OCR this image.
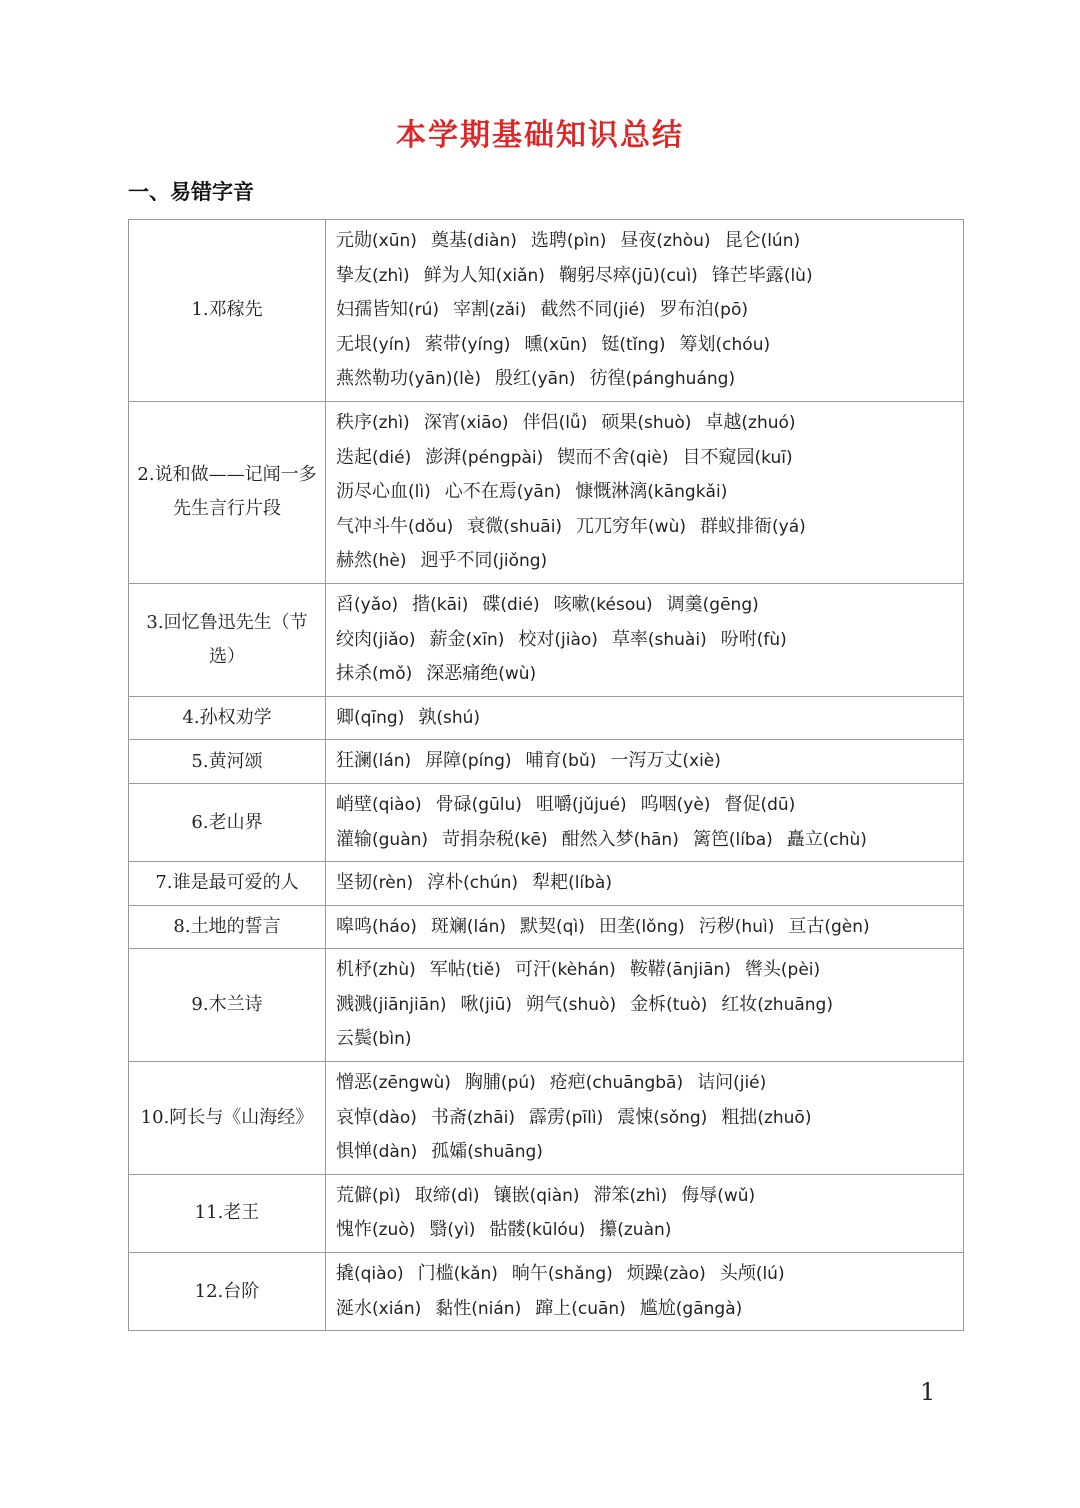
本学期基础知识总结
一、易错字音
1.邓稼先	元勋(xūn) 奠基(diàn) 选聘(pìn) 昼夜(zhòu) 昆仑(lún)
挚友(zhì) 鲜为人知(xiǎn) 鞠躬尽瘁(jū)(cuì) 锋芒毕露(lù)
妇孺皆知(rú) 宰割(zǎi) 截然不同(jié) 罗布泊(pō)
无垠(yín) 萦带(yíng) 曛(xūn) 铤(tǐng) 筹划(chóu)
燕然勒功(yān)(lè) 殷红(yān) 彷徨(pánghuáng)

2.说和做——记闻一多先生言行片段	秩序(zhì) 深宵(xiāo) 伴侣(lǚ) 硕果(shuò) 卓越(zhuó)
迭起(dié) 澎湃(péngpài) 锲而不舍(qiè) 目不窥园(kuī)
沥尽心血(lì) 心不在焉(yān) 慷慨淋漓(kāngkǎi)
气冲斗牛(dǒu) 衰微(shuāi) 兀兀穷年(wù) 群蚁排衙(yá)
赫然(hè) 迥乎不同(jiǒng)

3.回忆鲁迅先生（节选）	舀(yǎo) 揩(kāi) 碟(dié) 咳嗽(késou) 调羹(gēng)
绞肉(jiǎo) 薪金(xīn) 校对(jiào) 草率(shuài) 吩咐(fù)
抹杀(mǒ) 深恶痛绝(wù)

4.孙权劝学	卿(qīng) 孰(shú)

5.黄河颂	狂澜(lán) 屏障(píng) 哺育(bǔ) 一泻万丈(xiè)

6.老山界	峭壁(qiào) 骨碌(gūlu) 咀嚼(jǔjué) 呜咽(yè) 督促(dū)
灌输(guàn) 苛捐杂税(kē) 酣然入梦(hān) 篱笆(líba) 矗立(chù)

7.谁是最可爱的人	坚韧(rèn) 淳朴(chún) 犁耙(líbà)

8.土地的誓言	嗥鸣(háo) 斑斓(lán) 默契(qì) 田垄(lǒng) 污秽(huì) 亘古(gèn)

9.木兰诗	机杼(zhù) 军帖(tiě) 可汗(kèhán) 鞍鞯(ānjiān) 辔头(pèi)
溅溅(jiānjiān) 啾(jiū) 朔气(shuò) 金柝(tuò) 红妆(zhuāng)
云鬓(bìn)

10.阿长与《山海经》	憎恶(zēngwù) 胸脯(pú) 疮疤(chuāngbā) 诘问(jié)
哀悼(dào) 书斋(zhāi) 霹雳(pīlì) 震悚(sǒng) 粗拙(zhuō)
惧惮(dàn) 孤孀(shuāng)

11.老王	荒僻(pì) 取缔(dì) 镶嵌(qiàn) 滞笨(zhì) 侮辱(wǔ)
愧怍(zuò) 翳(yì) 骷髅(kūlóu) 攥(zuàn)

12.台阶	撬(qiào) 门槛(kǎn) 晌午(shǎng) 烦躁(zào) 头颅(lú)
涎水(xián) 黏性(nián) 蹿上(cuān) 尴尬(gāngà)
1
